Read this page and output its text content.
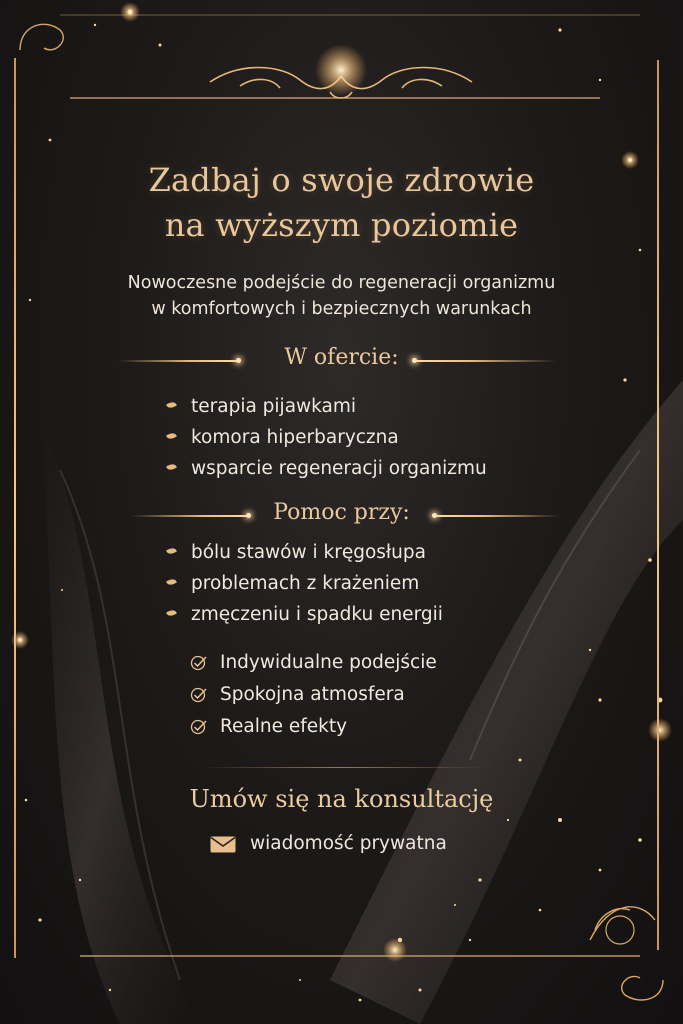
Zadbaj o swoje zdrowie
na wyższym poziomie
Nowoczesne podejście do regeneracji organizmu
w komfortowych i bezpiecznych warunkach
W ofercie:
terapia pijawkami
komora hiperbaryczna
wsparcie regeneracji organizmu
Pomoc przy:
bólu stawów i kręgosłupa
problemach z krażeniem
zmęczeniu i spadku energii
Indywidualne podejście
Spokojna atmosfera
Realne efekty
Umów się na konsultację
wiadomość prywatna
